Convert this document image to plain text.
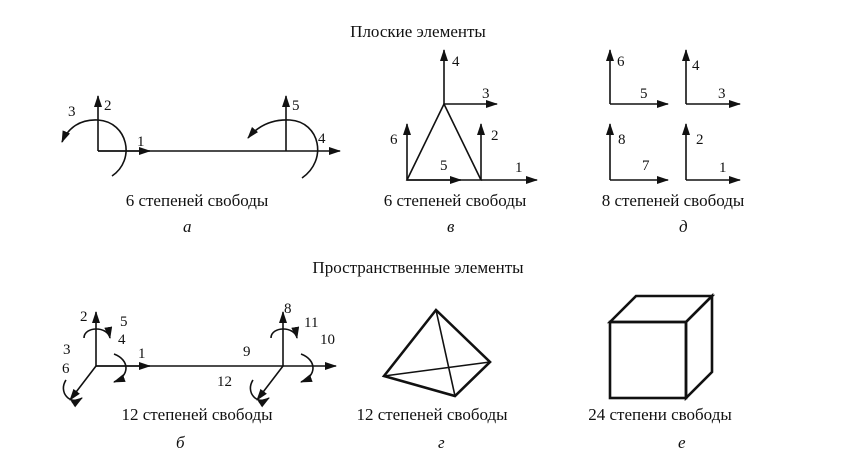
Плоские элементы
Пространственные элементы
1
2
3
4
5
6 степеней свободы
а
1
2
3
4
5
6
6 степеней свободы
в
1
2
3
4
5
6
7
8
8 степеней свободы
д
1
2
3
4
5
6
8
9
10
11
12
12 степеней свободы
б
12 степеней свободы
г
24 степени свободы
е
